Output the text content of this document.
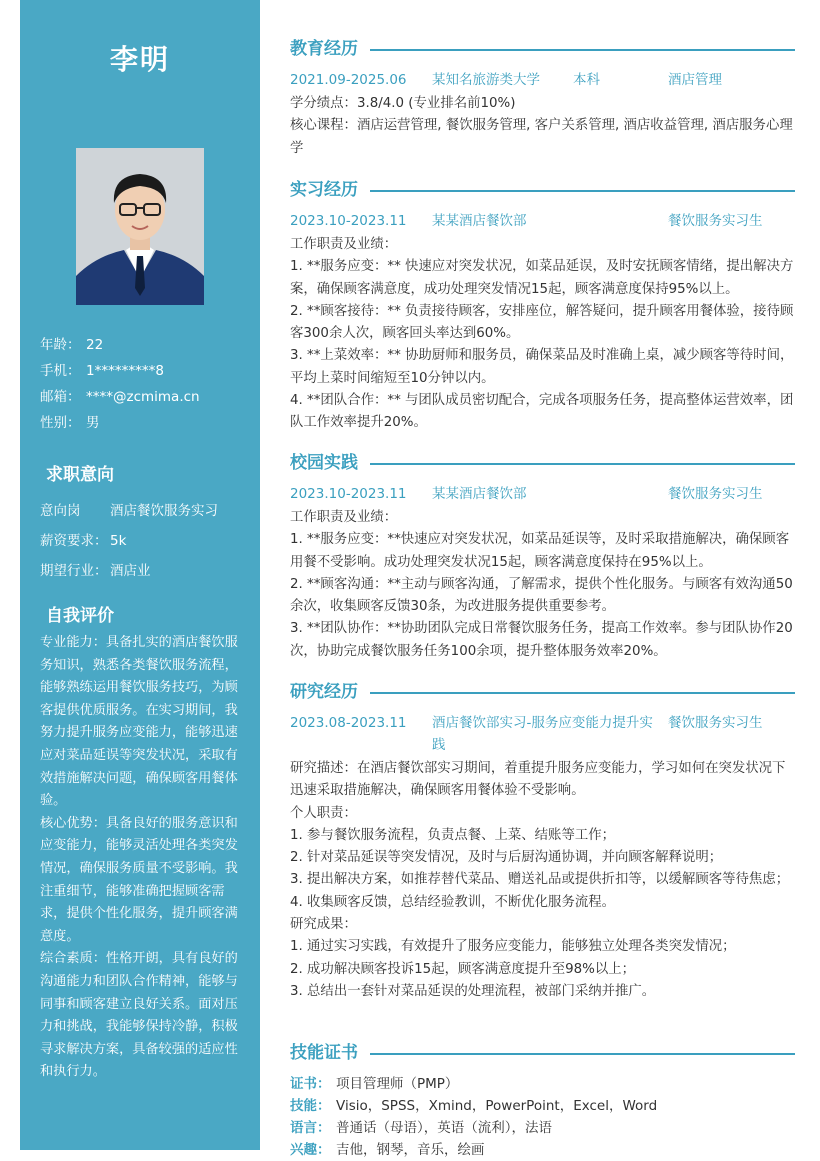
李明
年龄： 22
手机： 1*********8
邮箱： ****@zcmima.cn
性别： 男
求职意向
意向岗 酒店餐饮服务实习
薪资要求： 5k
期望行业： 酒店业
自我评价

专业能力：具备扎实的酒店餐饮服务知识，熟悉各类餐饮服务流程，能够熟练运用餐饮服务技巧，为顾客提供优质服务。在实习期间，我努力提升服务应变能力，能够迅速应对菜品延误等突发状况，采取有效措施解决问题，确保顾客用餐体验。

核心优势：具备良好的服务意识和应变能力，能够灵活处理各类突发情况，确保服务质量不受影响。我注重细节，能够准确把握顾客需求，提供个性化服务，提升顾客满意度。

综合素质：性格开朗，具有良好的沟通能力和团队合作精神，能够与同事和顾客建立良好关系。面对压力和挑战，我能够保持冷静，积极寻求解决方案，具备较强的适应性和执行力。

教育经历
2021.09-2025.06 某知名旅游类大学 本科	酒店管理

学分绩点：3.8/4.0 (专业排名前10%)

核心课程：酒店运营管理, 餐饮服务管理, 客户关系管理, 酒店收益管理, 酒店服务心理学

实习经历
2023.10-2023.11 某某酒店餐饮部	餐饮服务实习生

工作职责及业绩：

1. **服务应变：** 快速应对突发状况，如菜品延误，及时安抚顾客情绪，提出解决方案，确保顾客满意度，成功处理突发情况15起，顾客满意度保持95%以上。

2. **顾客接待：** 负责接待顾客，安排座位，解答疑问，提升顾客用餐体验，接待顾客300余人次，顾客回头率达到60%。

3. **上菜效率：** 协助厨师和服务员，确保菜品及时准确上桌，减少顾客等待时间，平均上菜时间缩短至10分钟以内。

4. **团队合作：** 与团队成员密切配合，完成各项服务任务，提高整体运营效率，团队工作效率提升20%。

校园实践
2023.10-2023.11 某某酒店餐饮部	餐饮服务实习生

工作职责及业绩：

1. **服务应变：**快速应对突发状况，如菜品延误等，及时采取措施解决，确保顾客用餐不受影响。成功处理突发状况15起，顾客满意度保持在95%以上。

2. **顾客沟通：**主动与顾客沟通，了解需求，提供个性化服务。与顾客有效沟通50余次，收集顾客反馈30条，为改进服务提供重要参考。

3. **团队协作：**协助团队完成日常餐饮服务任务，提高工作效率。参与团队协作20次，协助完成餐饮服务任务100余项，提升整体服务效率20%。

研究经历
2023.08-2023.11 酒店餐饮部实习-服务应变能力提升实践
餐饮服务实习生

研究描述：在酒店餐饮部实习期间，着重提升服务应变能力，学习如何在突发状况下迅速采取措施解决，确保顾客用餐体验不受影响。

个人职责：

1. 参与餐饮服务流程，负责点餐、上菜、结账等工作；

2. 针对菜品延误等突发情况，及时与后厨沟通协调，并向顾客解释说明；

3. 提出解决方案，如推荐替代菜品、赠送礼品或提供折扣等，以缓解顾客等待焦虑；

4. 收集顾客反馈，总结经验教训，不断优化服务流程。

研究成果：

1. 通过实习实践，有效提升了服务应变能力，能够独立处理各类突发情况；

2. 成功解决顾客投诉15起，顾客满意度提升至98%以上；

3. 总结出一套针对菜品延误的处理流程，被部门采纳并推广。

技能证书
证书： 项目管理师（PMP）
技能： Visio，SPSS，Xmind，PowerPoint，Excel，Word
语言： 普通话（母语），英语（流利），法语
兴趣： 吉他，钢琴，音乐，绘画
